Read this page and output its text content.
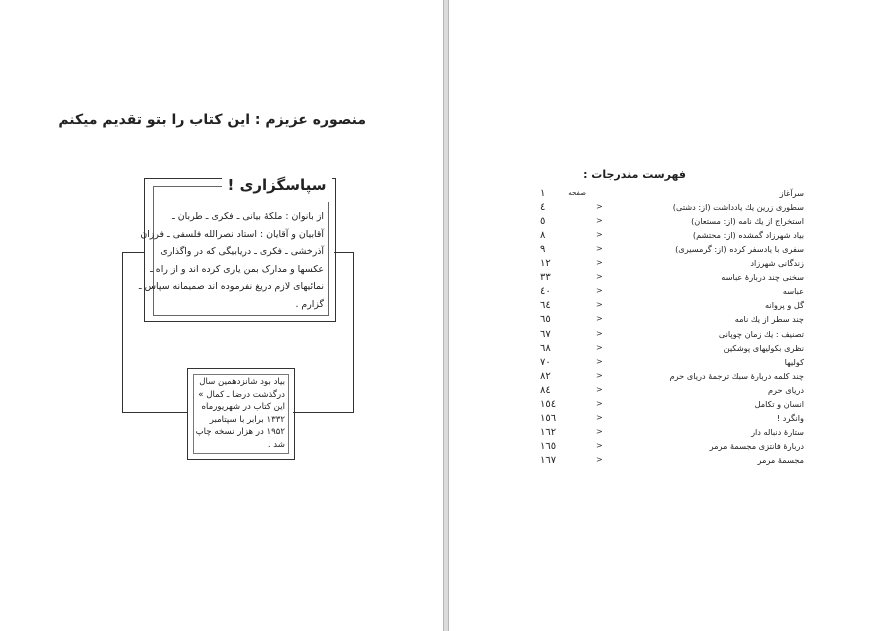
منصوره عزیزم : این کتاب را بتو تقدیم میکنم
سپاسگزاری !
از بانوان : ملکهٔ بیانی ـ فکری ـ طربان ـ
آقابیان و آقایان : استاد نصرالله فلسفی ـ فرزان
آذرخشی ـ فکری ـ دریابیگی که در واگذاری
عکسها و مدارک بمن یاری کرده اند و از راه ـ
نمائیهای لازم دریغ نفرموده اند صمیمانه سپاس ـ
گزارم .
بیاد بود شانزدهمین سال
درگذشت درضا ـ کمال »
این کتاب در شهریورماه
۱۳۳۲ برابر با سپتامبر
۱۹۵۲ در هزار نسخه چاپ
شد .
فهرست مندرجات :
صفحه
۱	سرآغاز
٤	>	سطوری زرین یك یادداشت (از: دشتی)
٥	>	استخراج از یك نامه (از: مستعان)
۸	>	بیاد شهرزاد گمشده (از: محتشم)
۹	>	سفری با یادسفر کرده (از: گرمسیری)
۱۲	>	زندگانی شهرزاد
۳۳	>	سخنی چند دربارهٔ عباسه
٤۰	>	عباسه
٦٤	>	گل و پروانه
٦٥	>	چند سطر از یك نامه
٦۷	>	تصنیف : یك زمان چوپانی
٦۸	>	نظری بکولیهای پوشکین
۷۰	>	کولیها
۸۲	>	چند کلمه دربارهٔ سبك ترجمهٔ دریای حرم
۸٤	>	دریای حرم
۱٥٤	>	انسان و تکامل
۱٥٦	>	وانگرد !
۱٦۲	>	ستارهٔ دنباله دار
۱٦٥	>	دربارهٔ فانتزی مجسمهٔ مرمر
۱٦۷	>	مجسمهٔ مرمر
